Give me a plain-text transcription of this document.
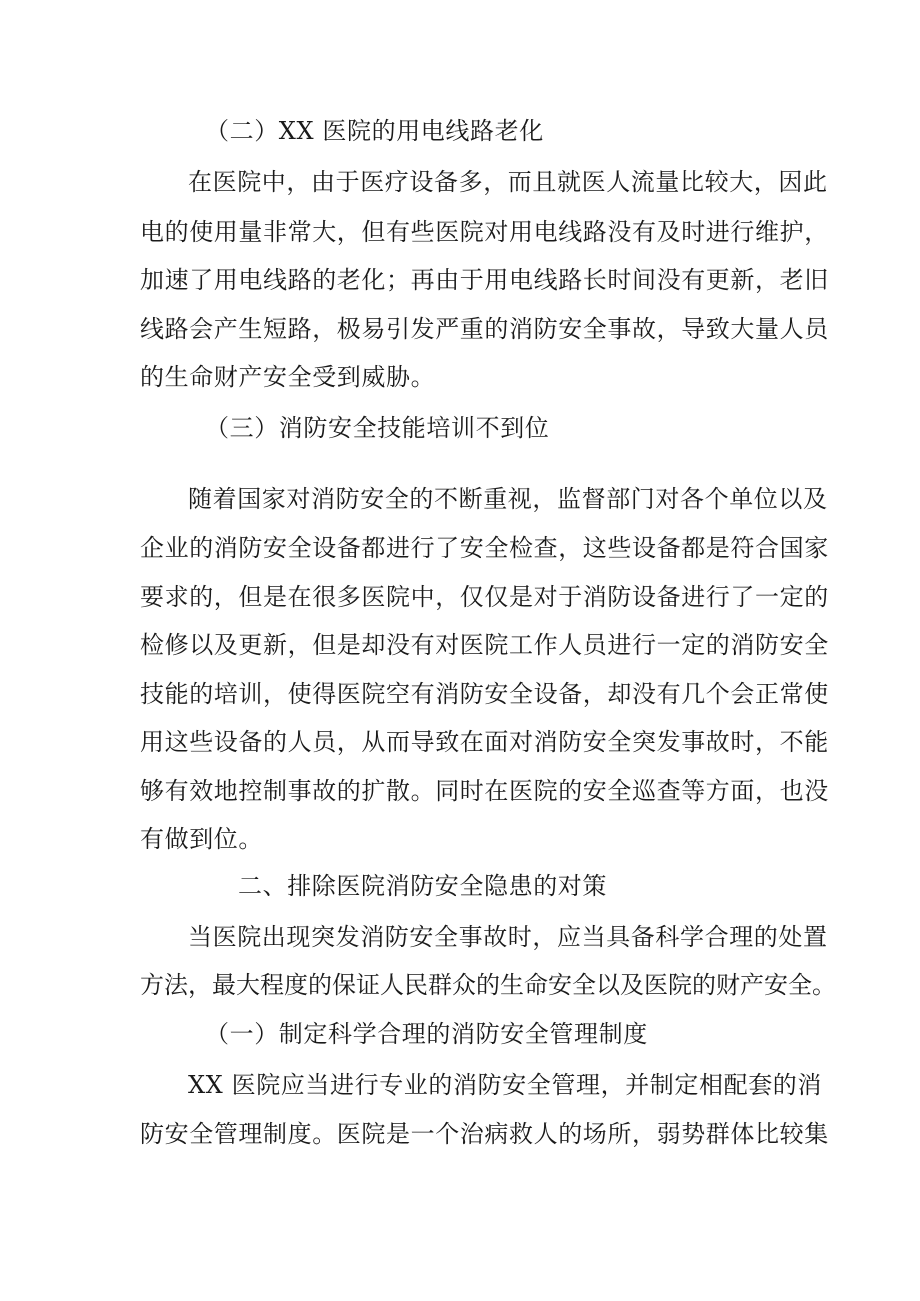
（二）XX 医院的用电线路老化
在医院中，由于医疗设备多，而且就医人流量比较大，因此
电的使用量非常大，但有些医院对用电线路没有及时进行维护，
加速了用电线路的老化；再由于用电线路长时间没有更新，老旧
线路会产生短路，极易引发严重的消防安全事故，导致大量人员
的生命财产安全受到威胁。
（三）消防安全技能培训不到位
随着国家对消防安全的不断重视，监督部门对各个单位以及
企业的消防安全设备都进行了安全检查，这些设备都是符合国家
要求的，但是在很多医院中，仅仅是对于消防设备进行了一定的
检修以及更新，但是却没有对医院工作人员进行一定的消防安全
技能的培训，使得医院空有消防安全设备，却没有几个会正常使
用这些设备的人员，从而导致在面对消防安全突发事故时，不能
够有效地控制事故的扩散。同时在医院的安全巡查等方面，也没
有做到位。
二、排除医院消防安全隐患的对策
当医院出现突发消防安全事故时，应当具备科学合理的处置
方法，最大程度的保证人民群众的生命安全以及医院的财产安全。
（一）制定科学合理的消防安全管理制度
XX 医院应当进行专业的消防安全管理，并制定相配套的消
防安全管理制度。医院是一个治病救人的场所，弱势群体比较集
